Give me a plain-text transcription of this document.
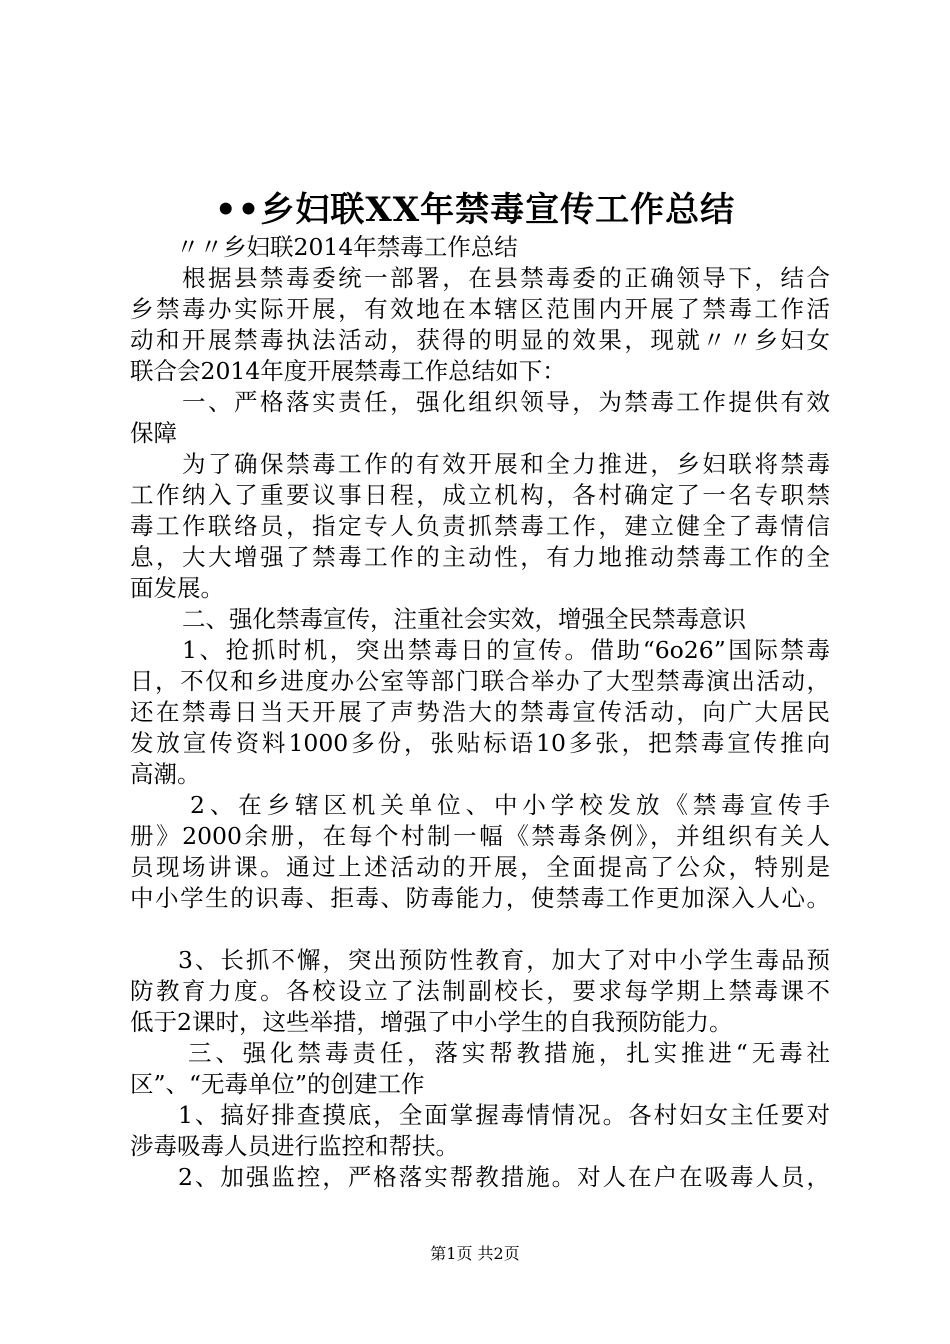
••乡妇联XX年禁毒宣传工作总结
〃〃乡妇联2014年禁毒工作总结
根据县禁毒委统一部署，在县禁毒委的正确领导下，结合
乡禁毒办实际开展，有效地在本辖区范围内开展了禁毒工作活
动和开展禁毒执法活动，获得的明显的效果，现就〃〃乡妇女
联合会2014年度开展禁毒工作总结如下：
一、严格落实责任，强化组织领导，为禁毒工作提供有效
保障
为了确保禁毒工作的有效开展和全力推进，乡妇联将禁毒
工作纳入了重要议事日程，成立机构，各村确定了一名专职禁
毒工作联络员，指定专人负责抓禁毒工作，建立健全了毒情信
息，大大增强了禁毒工作的主动性，有力地推动禁毒工作的全
面发展。
二、强化禁毒宣传，注重社会实效，增强全民禁毒意识
1、抢抓时机，突出禁毒日的宣传。借助“6o26”国际禁毒
日，不仅和乡进度办公室等部门联合举办了大型禁毒演出活动，
还在禁毒日当天开展了声势浩大的禁毒宣传活动，向广大居民
发放宣传资料1000多份，张贴标语10多张，把禁毒宣传推向
高潮。
2、在乡辖区机关单位、中小学校发放《禁毒宣传手
册》2000余册，在每个村制一幅《禁毒条例》，并组织有关人
员现场讲课。通过上述活动的开展，全面提高了公众，特别是
中小学生的识毒、拒毒、防毒能力，使禁毒工作更加深入人心。
3、长抓不懈，突出预防性教育，加大了对中小学生毒品预
防教育力度。各校设立了法制副校长，要求每学期上禁毒课不
低于2课时，这些举措，增强了中小学生的自我预防能力。
三、强化禁毒责任，落实帮教措施，扎实推进“无毒社
区”、“无毒单位”的创建工作
1、搞好排查摸底，全面掌握毒情情况。各村妇女主任要对
涉毒吸毒人员进行监控和帮扶。
2、加强监控，严格落实帮教措施。对人在户在吸毒人员，
第1页 共2页
